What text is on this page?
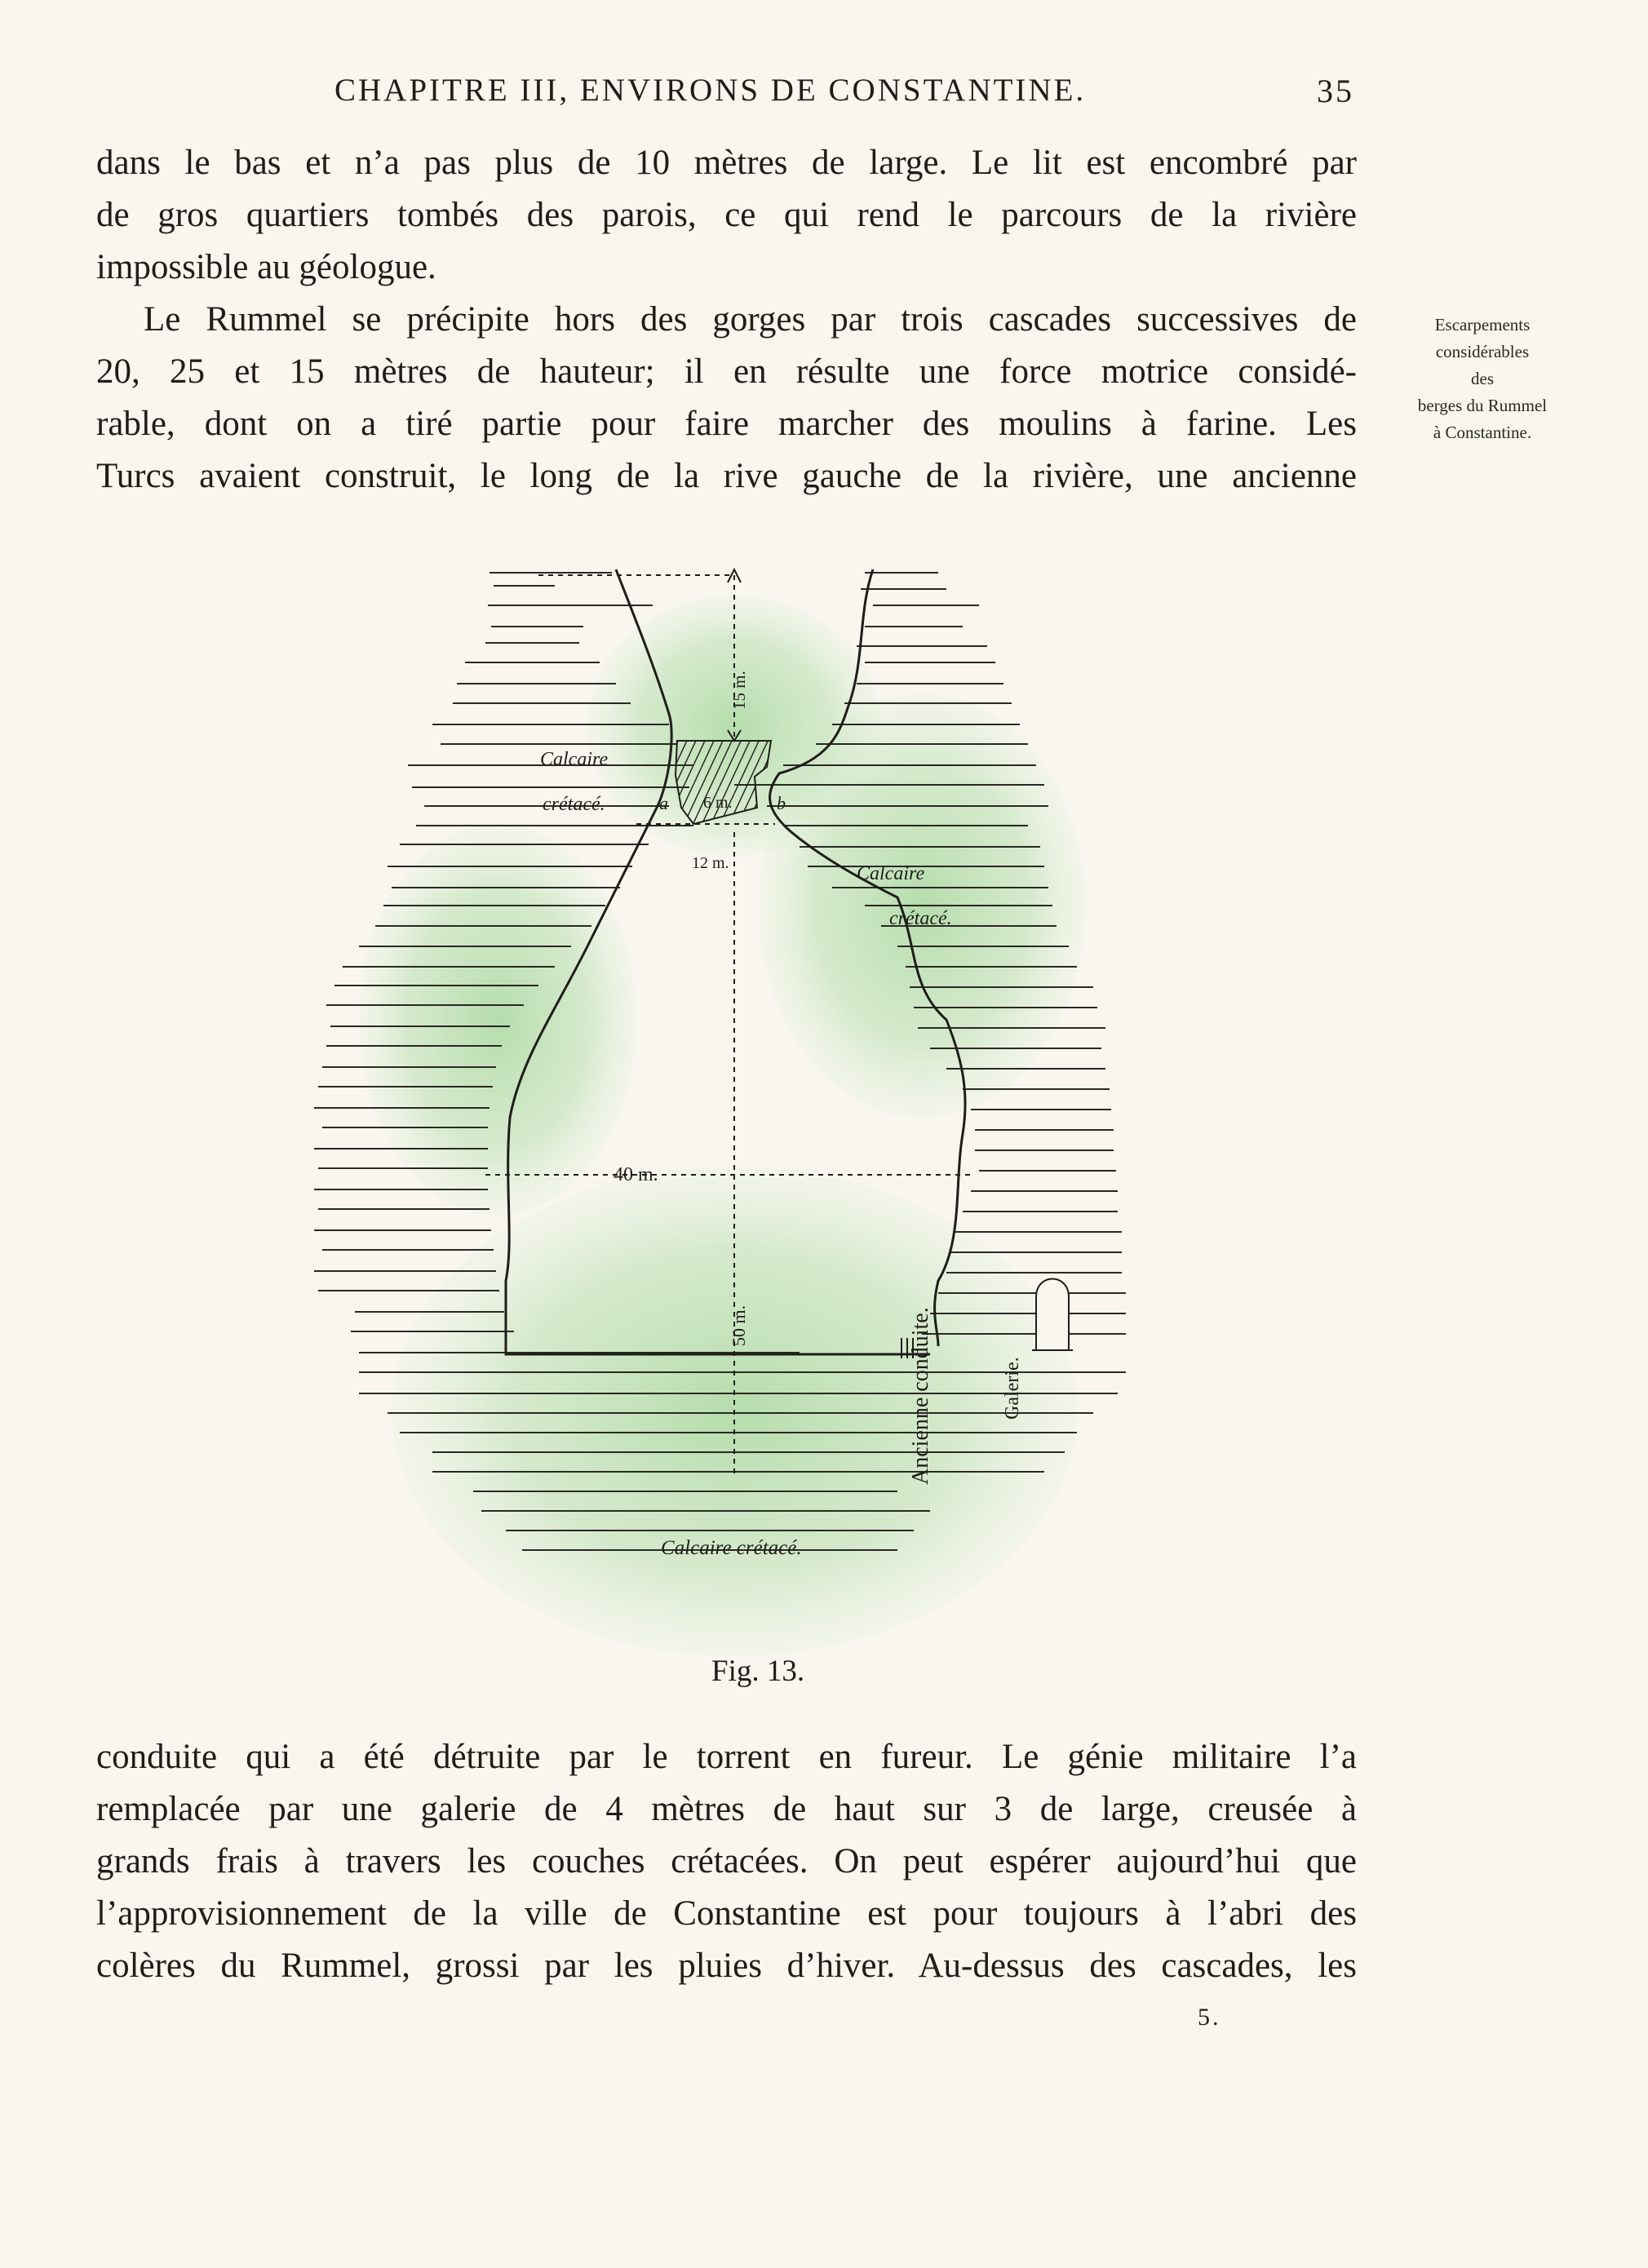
CHAPITRE III, ENVIRONS DE CONSTANTINE.	35
dans le bas et n’a pas plus de 10 mètres de large. Le lit est encombré par
de gros quartiers tombés des parois, ce qui rend le parcours de la rivière
impossible au géologue.
Le Rummel se précipite hors des gorges par trois cascades successives de
20, 25 et 15 mètres de hauteur; il en résulte une force motrice considé-
rable, dont on a tiré partie pour faire marcher des moulins à farine. Les
Turcs avaient construit, le long de la rive gauche de la rivière, une ancienne
Escarpements
considérables
des
berges du Rummel
à Constantine.
Calcaire
crétacé.	a 6 m. b
15 m.
12 m.	Calcaire
crétacé.
40 m.
50 m.	Ancienne conduite.	Galerie.
Calcaire crétacé.
Fig. 13.
conduite qui a été détruite par le torrent en fureur. Le génie militaire l’a
remplacée par une galerie de 4 mètres de haut sur 3 de large, creusée à
grands frais à travers les couches crétacées. On peut espérer aujourd’hui que
l’approvisionnement de la ville de Constantine est pour toujours à l’abri des
colères du Rummel, grossi par les pluies d’hiver. Au-dessus des cascades, les
5.
